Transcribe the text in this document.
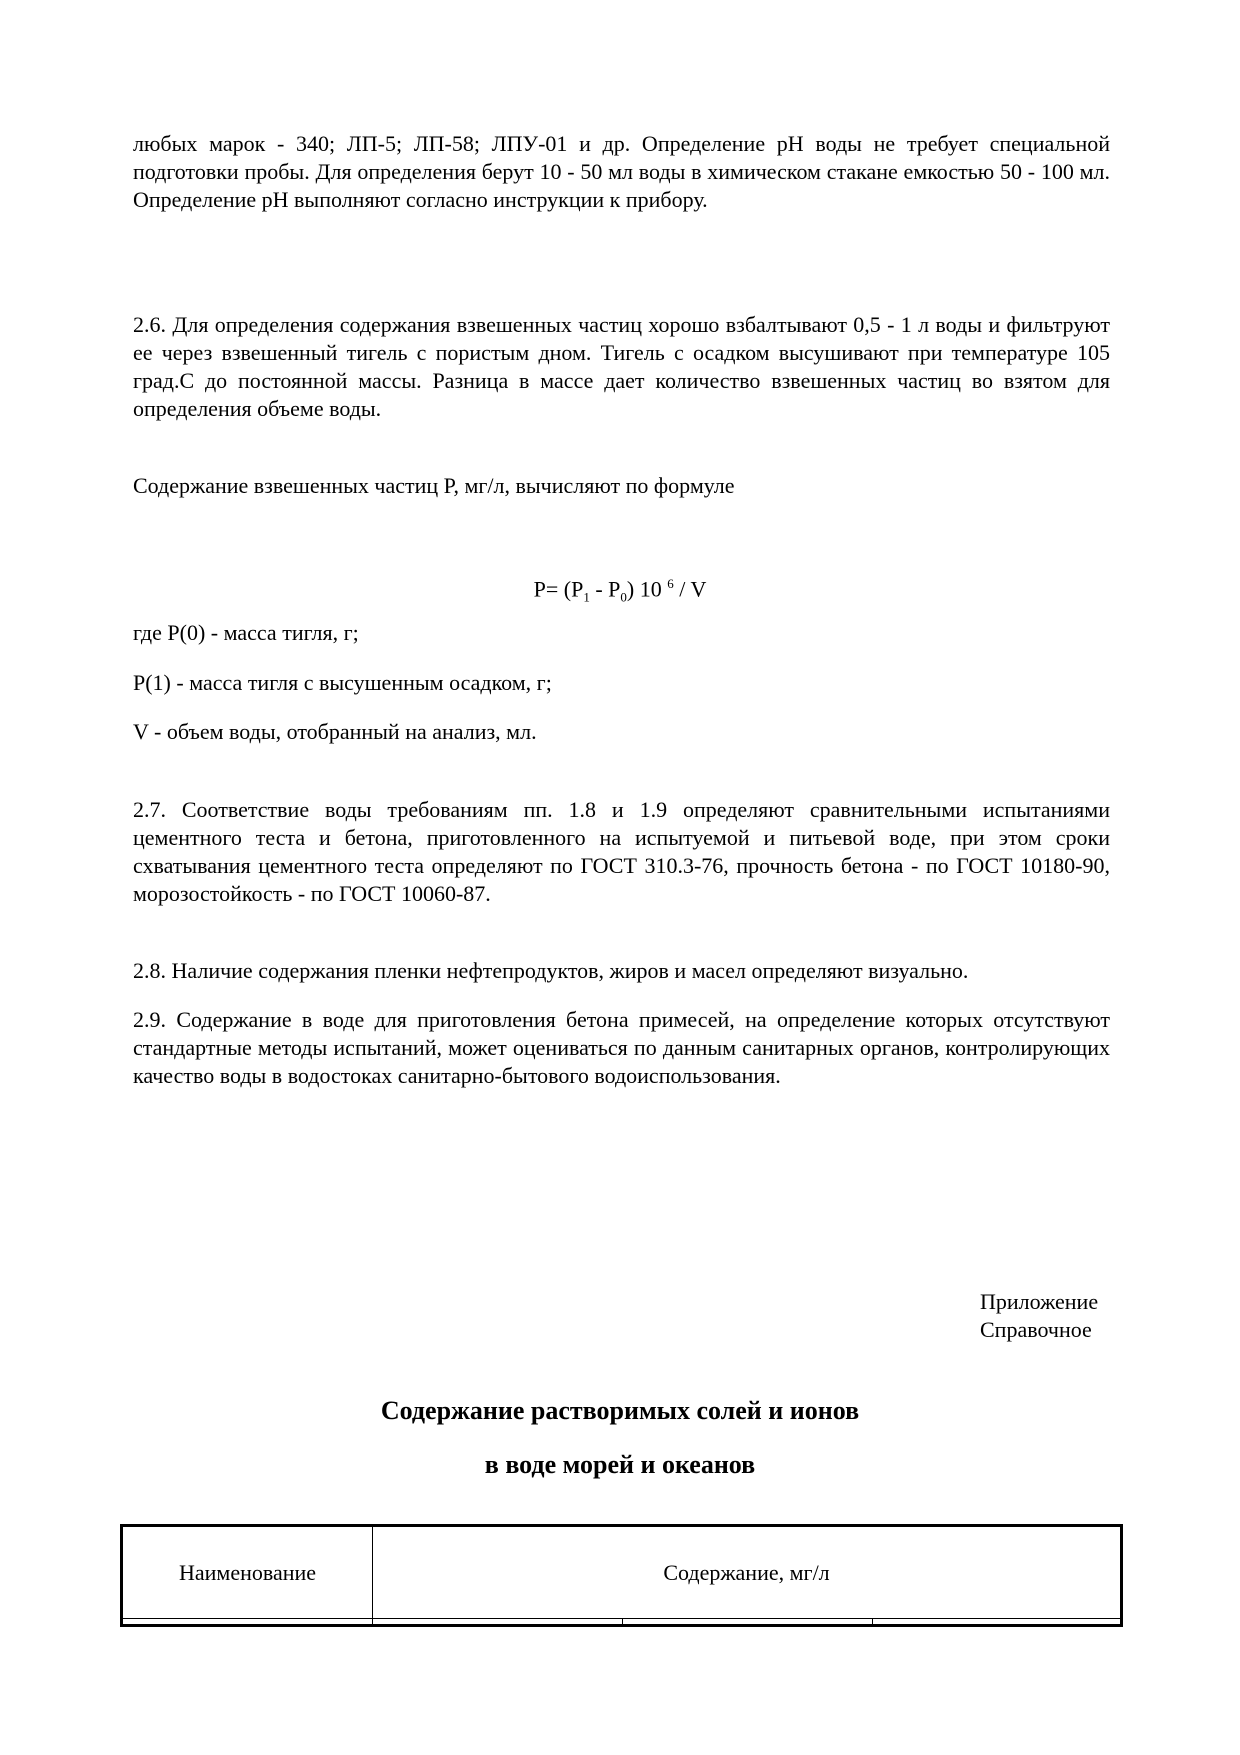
любых марок - 340; ЛП-5; ЛП-58; ЛПУ-01 и др. Определение pH воды не требует специальной подготовки пробы. Для определения берут 10 - 50 мл воды в химическом стакане емкостью 50 - 100 мл. Определение pH выполняют согласно инструкции к прибору.

2.6. Для определения содержания взвешенных частиц хорошо взбалтывают 0,5 - 1 л воды и фильтруют ее через взвешенный тигель с пористым дном. Тигель с осадком высушивают при температуре 105 град.С до постоянной массы. Разница в массе дает количество взвешенных частиц во взятом для определения объеме воды.

Содержание взвешенных частиц P, мг/л, вычисляют по формуле

$P= (P_1 - P_0)$ 10 $^6$ / V

где P(0) - масса тигля, г;

P(1) - масса тигля с высушенным осадком, г;

V - объем воды, отобранный на анализ, мл.

2.7. Соответствие воды требованиям пп. 1.8 и 1.9 определяют сравнительными испытаниями цементного теста и бетона, приготовленного на испытуемой и питьевой воде, при этом сроки схватывания цементного теста определяют по ГОСТ 310.3-76, прочность бетона - по ГОСТ 10180-90, морозостойкость - по ГОСТ 10060-87.

2.8. Наличие содержания пленки нефтепродуктов, жиров и масел определяют визуально.

2.9. Содержание в воде для приготовления бетона примесей, на определение которых отсутствуют стандартные методы испытаний, может оцениваться по данным санитарных органов, контролирующих качество воды в водостоках санитарно-бытового водоиспользования.

Приложение
Справочное

Содержание растворимых солей и ионов

в воде морей и океанов

Наименование	Содержание, мг/л		
